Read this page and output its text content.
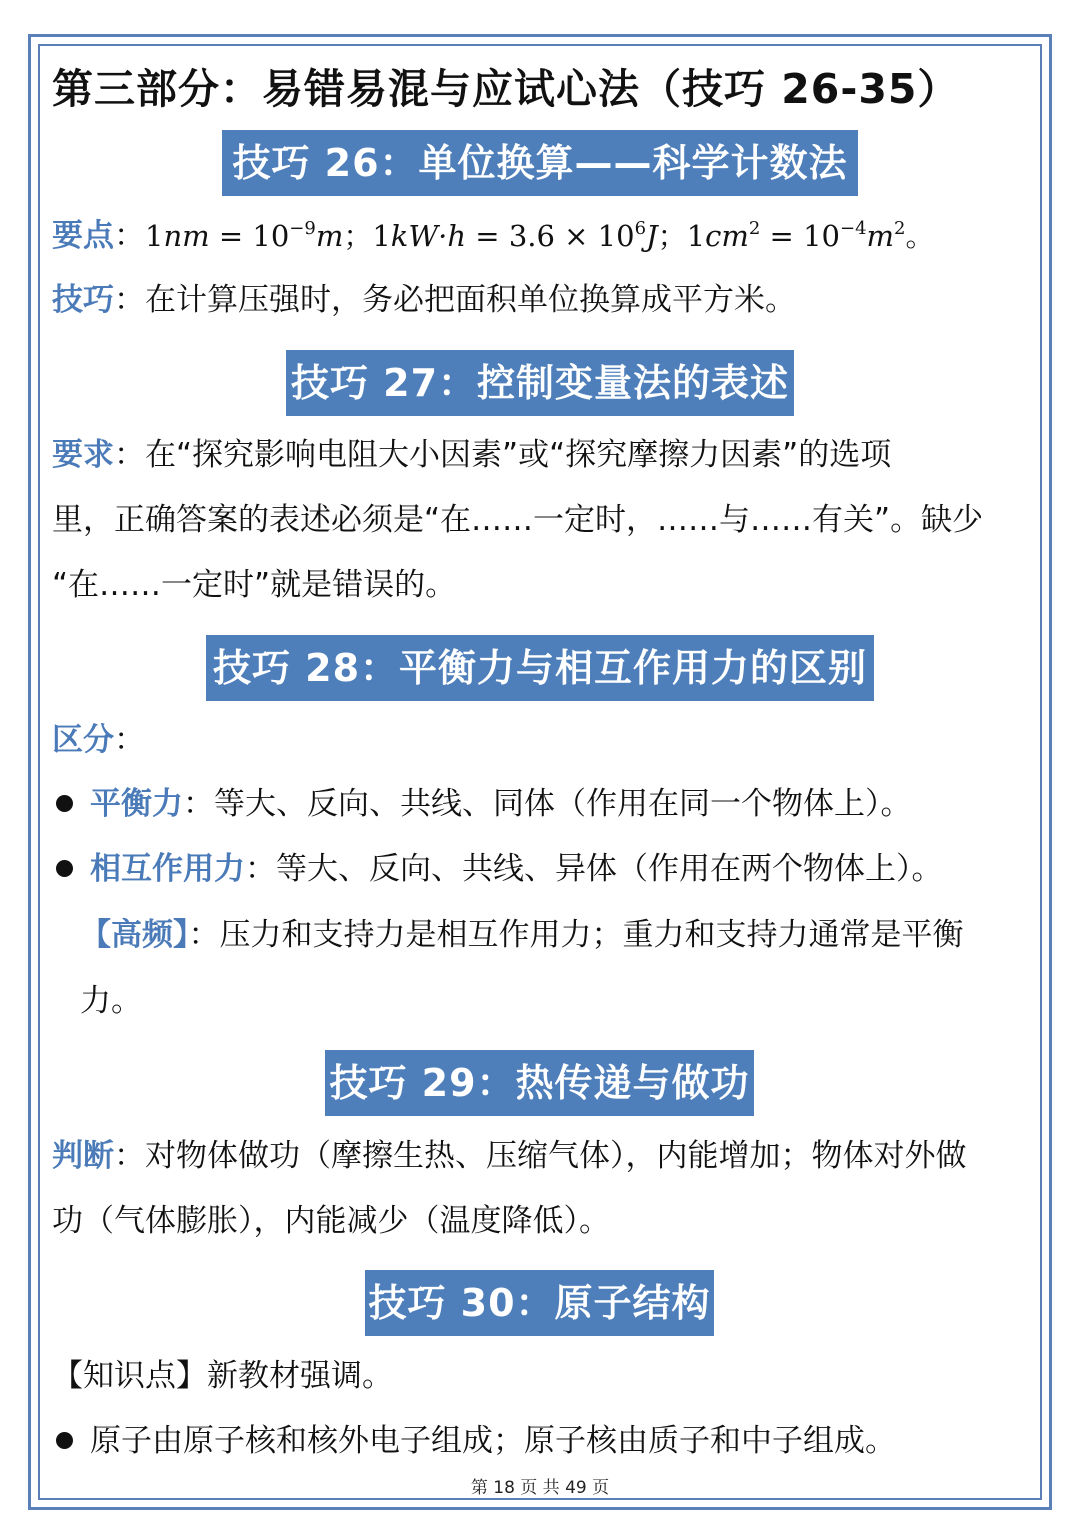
第三部分：易错易混与应试心法（技巧 26-35）
技巧 26：单位换算——科学计数法
要点：$1nm = 10^{-9}m$；$1kW\cdot h = 3.6 \times 10^6J$；$1cm^2 = 10^{-4}m^2$。
技巧：在计算压强时，务必把面积单位换算成平方米。
技巧 27：控制变量法的表述
要求：在“探究影响电阻大小因素”或“探究摩擦力因素”的选项
里，正确答案的表述必须是“在……一定时，……与……有关”。缺少
“在……一定时”就是错误的。
技巧 28：平衡力与相互作用力的区别
区分：
平衡力：等大、反向、共线、同体（作用在同一个物体上）。
相互作用力：等大、反向、共线、异体（作用在两个物体上）。
【高频】：压力和支持力是相互作用力；重力和支持力通常是平衡
力。
技巧 29：热传递与做功
判断：对物体做功（摩擦生热、压缩气体），内能增加；物体对外做
功（气体膨胀），内能减少（温度降低）。
技巧 30：原子结构
【知识点】新教材强调。
原子由原子核和核外电子组成；原子核由质子和中子组成。
第 18 页 共 49 页
